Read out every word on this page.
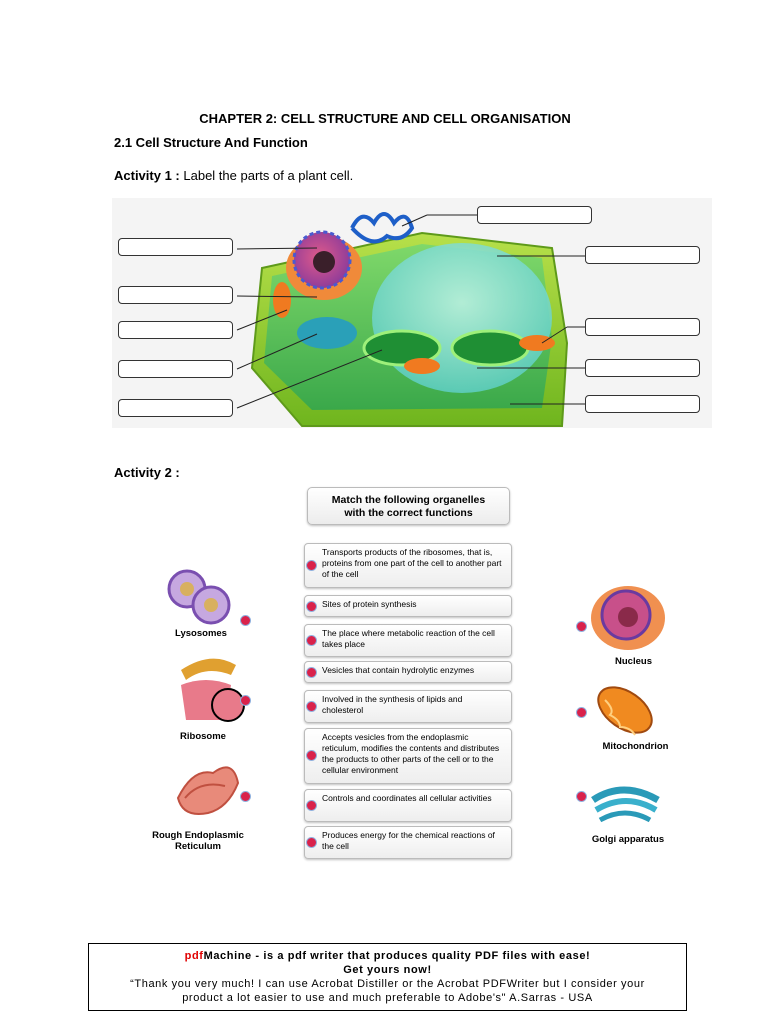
CHAPTER 2: CELL STRUCTURE AND CELL ORGANISATION
2.1 Cell Structure And Function
Activity 1 : Label the parts of a plant cell.
Activity 2 :
Match the following organelles
with the correct functions
Transports products of the ribosomes, that is, proteins from one part of the cell to another part of the cell
Sites of protein synthesis
The place where metabolic reaction of the cell takes place
Vesicles that contain hydrolytic enzymes
Involved in the synthesis of lipids and cholesterol
Accepts vesicles from the endoplasmic reticulum, modifies the contents and distributes the products to other parts of the cell or to the cellular environment
Controls and coordinates all cellular activities
Produces energy for the chemical reactions of the cell
Lysosomes
Ribosome
Rough Endoplasmic Reticulum
Nucleus
Mitochondrion
Golgi apparatus
pdfMachine - is a pdf writer that produces quality PDF files with ease!
Get yours now!
“Thank you very much! I can use Acrobat Distiller or the Acrobat PDFWriter but I consider your
product a lot easier to use and much preferable to Adobe's" A.Sarras - USA
